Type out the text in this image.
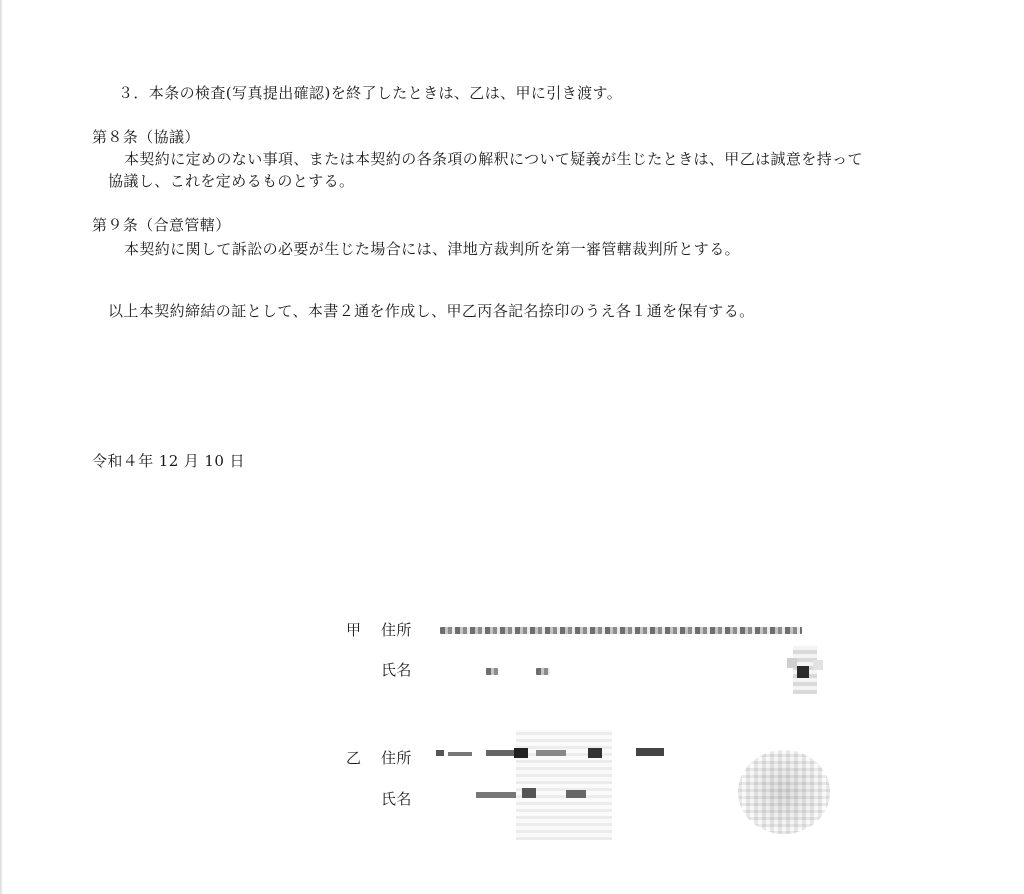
３．本条の検査(写真提出確認)を終了したときは、乙は、甲に引き渡す。
第８条（協議）
本契約に定めのない事項、または本契約の各条項の解釈について疑義が生じたときは、甲乙は誠意を持って
協議し、これを定めるものとする。
第９条（合意管轄）
本契約に関して訴訟の必要が生じた場合には、津地方裁判所を第一審管轄裁判所とする。
以上本契約締結の証として、本書２通を作成し、甲乙丙各記名捺印のうえ各１通を保有する。
令和４年 12 月 10 日
甲 住所
氏名
乙 住所
氏名
